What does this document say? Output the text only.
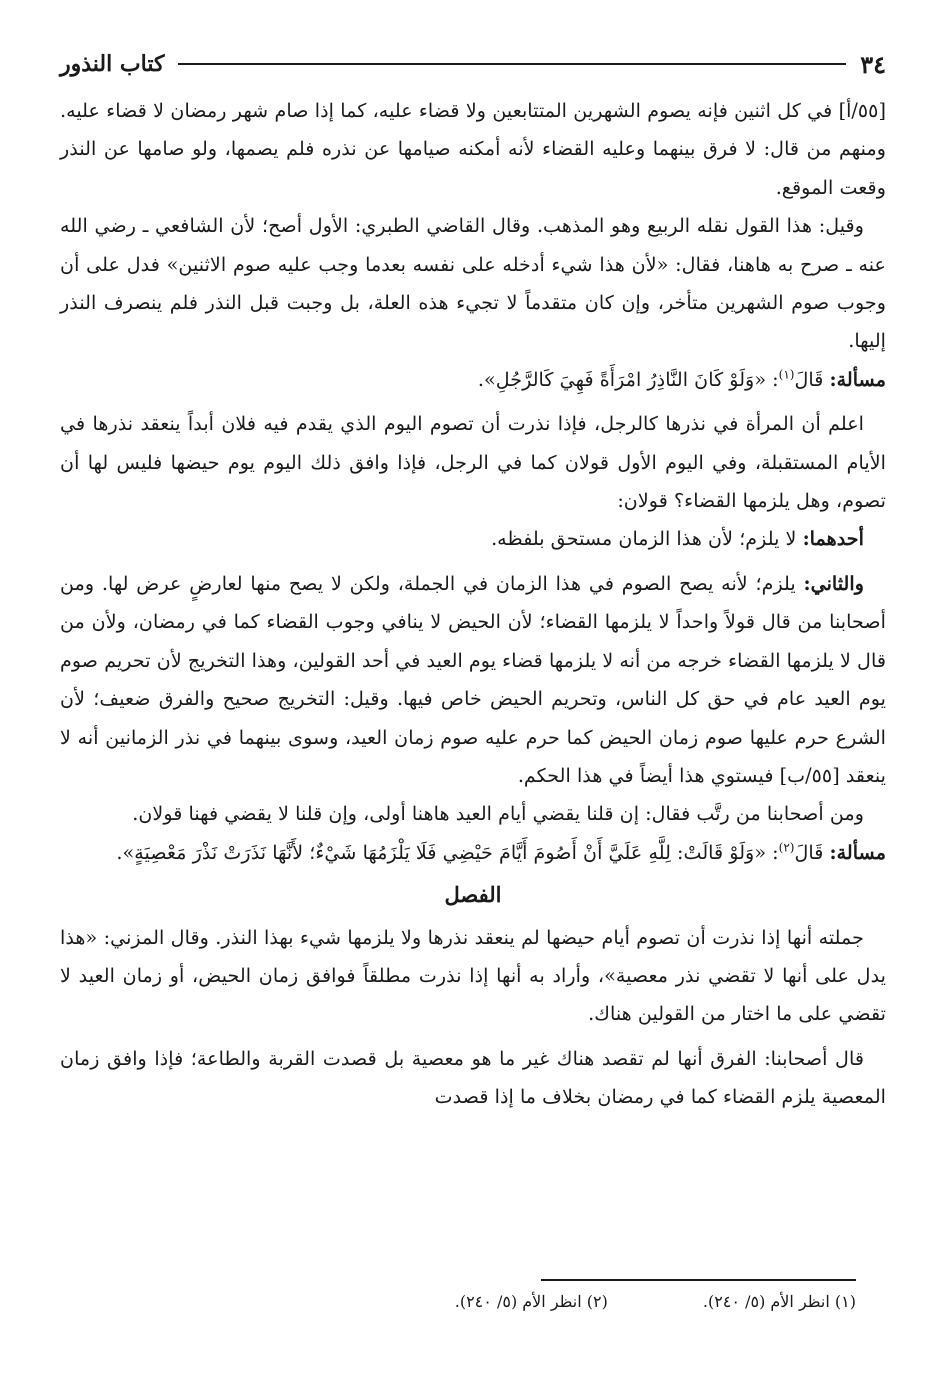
٣٤
كتاب النذور

[٥٥/أ] في كل اثنين فإنه يصوم الشهرين المتتابعين ولا قضاء عليه، كما إذا صام شهر رمضان لا قضاء عليه. ومنهم من قال: لا فرق بينهما وعليه القضاء لأنه أمكنه صيامها عن نذره فلم يصمها، ولو صامها عن النذر وقعت الموقع.

وقيل: هذا القول نقله الربيع وهو المذهب. وقال القاضي الطبري: الأول أصح؛ لأن الشافعي ـ رضي الله عنه ـ صرح به هاهنا، فقال: «لأن هذا شيء أدخله على نفسه بعدما وجب عليه صوم الاثنين» فدل على أن وجوب صوم الشهرين متأخر، وإن كان متقدماً لا تجيء هذه العلة، بل وجبت قبل النذر فلم ينصرف النذر إليها.

مسألة: قَالَ$^{(١)}$: «وَلَوْ كَانَ النَّاذِرُ امْرَأَةً فَهِيَ كَالرَّجُلِ».

اعلم أن المرأة في نذرها كالرجل، فإذا نذرت أن تصوم اليوم الذي يقدم فيه فلان أبداً ينعقد نذرها في الأيام المستقبلة، وفي اليوم الأول قولان كما في الرجل، فإذا وافق ذلك اليوم يوم حيضها فليس لها أن تصوم، وهل يلزمها القضاء؟ قولان:

أحدهما: لا يلزم؛ لأن هذا الزمان مستحق بلفظه.

والثاني: يلزم؛ لأنه يصح الصوم في هذا الزمان في الجملة، ولكن لا يصح منها لعارضٍ عرض لها. ومن أصحابنا من قال قولاً واحداً لا يلزمها القضاء؛ لأن الحيض لا ينافي وجوب القضاء كما في رمضان، ولأن من قال لا يلزمها القضاء خرجه من أنه لا يلزمها قضاء يوم العيد في أحد القولين، وهذا التخريج لأن تحريم صوم يوم العيد عام في حق كل الناس، وتحريم الحيض خاص فيها. وقيل: التخريج صحيح والفرق ضعيف؛ لأن الشرع حرم عليها صوم زمان الحيض كما حرم عليه صوم زمان العيد، وسوى بينهما في نذر الزمانين أنه لا ينعقد [٥٥/ب] فيستوي هذا أيضاً في هذا الحكم.

ومن أصحابنا من رتَّب فقال: إن قلنا يقضي أيام العيد هاهنا أولى، وإن قلنا لا يقضي فهنا قولان.

مسألة: قَالَ$^{(٢)}$: «وَلَوْ قَالَتْ: لِلَّهِ عَلَيَّ أَنْ أَصُومَ أَيَّامَ حَيْضِي فَلَا يَلْزَمُهَا شَيْءٌ؛ لأَنَّهَا نَذَرَتْ نَذْرَ مَعْصِيَةٍ».

الفصل

جملته أنها إذا نذرت أن تصوم أيام حيضها لم ينعقد نذرها ولا يلزمها شيء بهذا النذر. وقال المزني: «هذا يدل على أنها لا تقضي نذر معصية»، وأراد به أنها إذا نذرت مطلقاً فوافق زمان الحيض، أو زمان العيد لا تقضي على ما اختار من القولين هناك.

قال أصحابنا: الفرق أنها لم تقصد هناك غير ما هو معصية بل قصدت القربة والطاعة؛ فإذا وافق زمان المعصية يلزم القضاء كما في رمضان بخلاف ما إذا قصدت

(١) انظر الأم (٥/ ٢٤٠).
(٢) انظر الأم (٥/ ٢٤٠).
